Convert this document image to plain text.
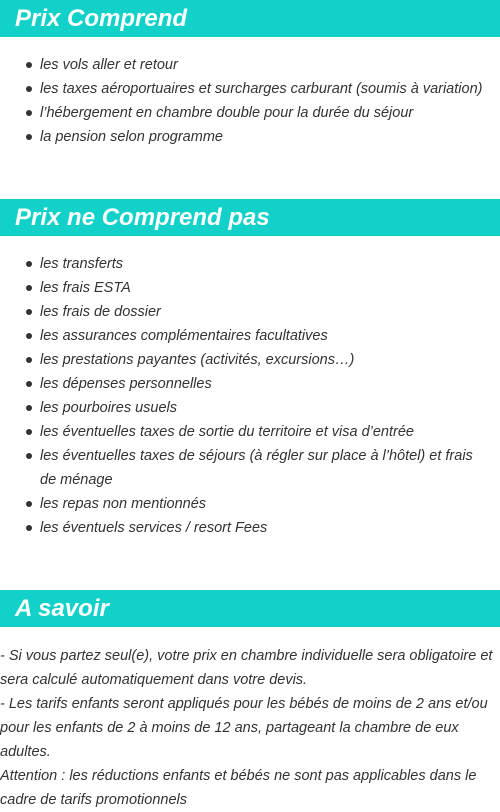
Prix Comprend
les vols aller et retour
les taxes aéroportuaires et surcharges carburant (soumis à variation)
l’hébergement en chambre double pour la durée du séjour
la pension selon programme
Prix ne Comprend pas
les transferts
les frais ESTA
les frais de dossier
les assurances complémentaires facultatives
les prestations payantes (activités, excursions…)
les dépenses personnelles
les pourboires usuels
les éventuelles taxes de sortie du territoire et visa d’entrée
les éventuelles taxes de séjours (à régler sur place à l’hôtel) et frais de ménage
les repas non mentionnés
les éventuels services / resort Fees
A savoir

- Si vous partez seul(e), votre prix en chambre individuelle sera obligatoire et sera calculé automatiquement dans votre devis.

- Les tarifs enfants seront appliqués pour les bébés de moins de 2 ans et/ou pour les enfants de 2 à moins de 12 ans, partageant la chambre de eux adultes.

Attention : les réductions enfants et bébés ne sont pas applicables dans le cadre de tarifs promotionnels
